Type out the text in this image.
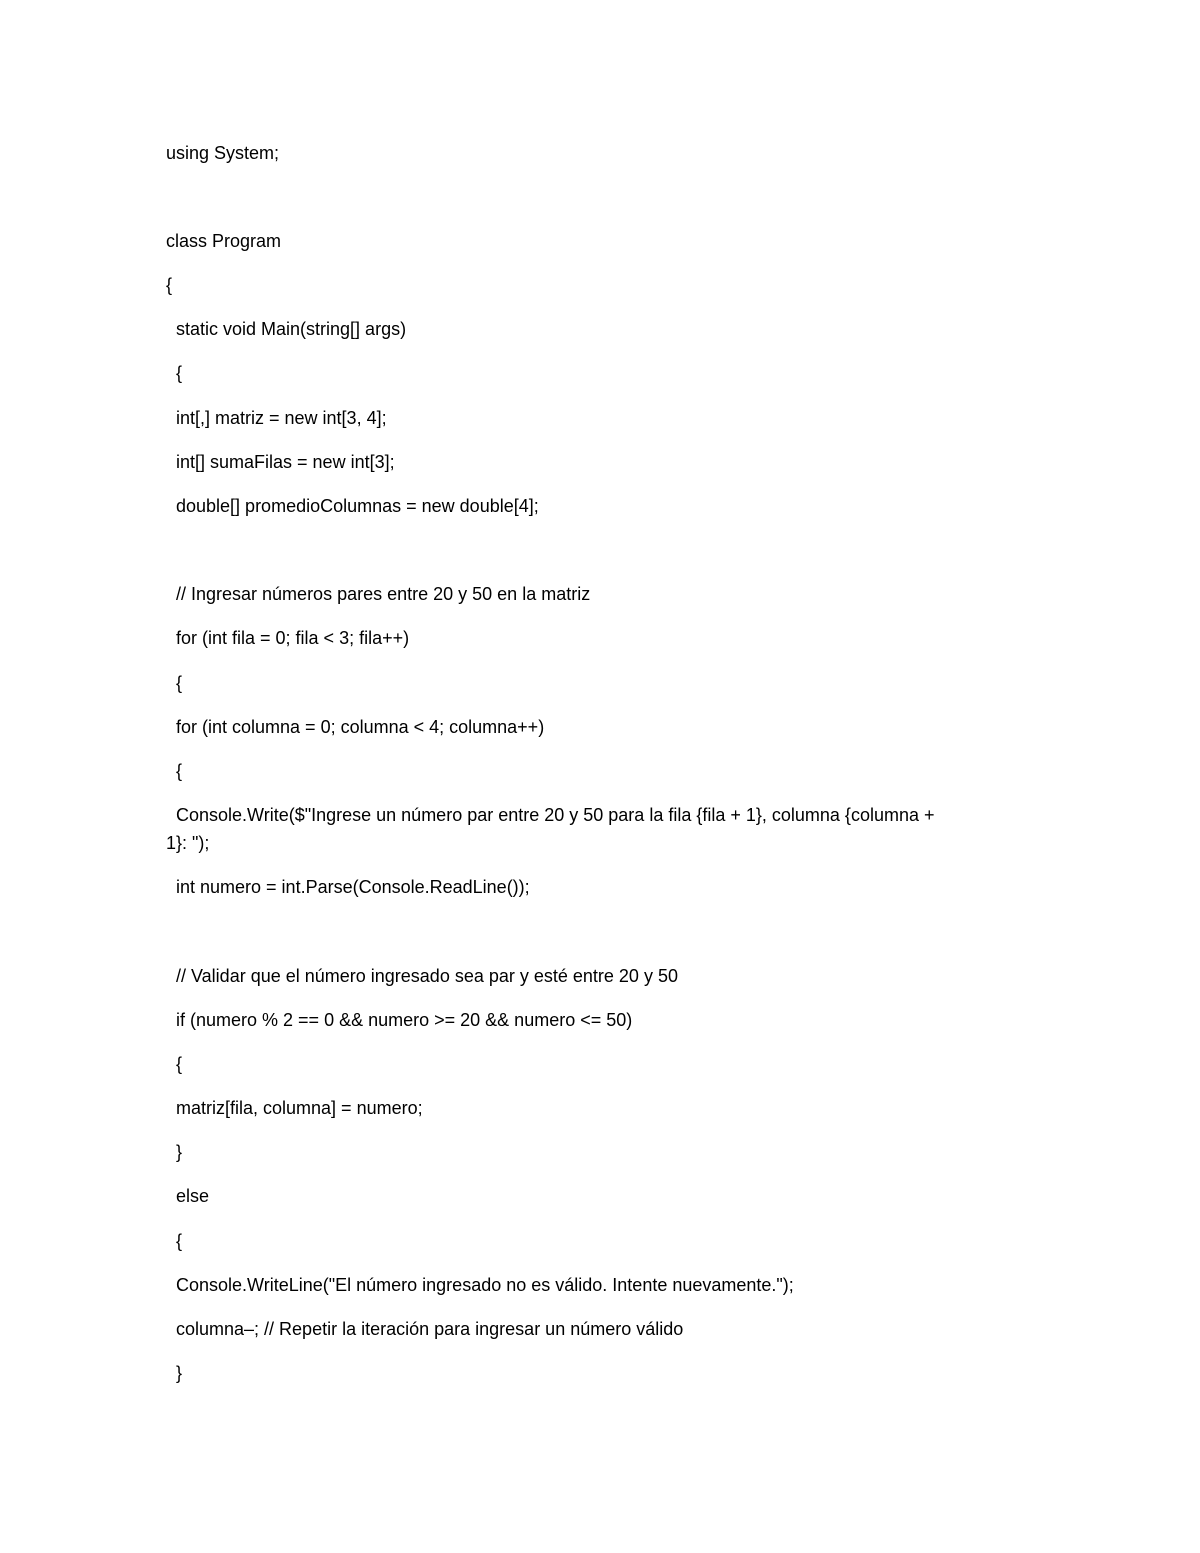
using System;
class Program
{
static void Main(string[] args)
{
int[,] matriz = new int[3, 4];
int[] sumaFilas = new int[3];
double[] promedioColumnas = new double[4];
// Ingresar números pares entre 20 y 50 en la matriz
for (int fila = 0; fila < 3; fila++)
{
for (int columna = 0; columna < 4; columna++)
{
Console.Write($"Ingrese un número par entre 20 y 50 para la fila {fila + 1}, columna {columna +
1}: ");
int numero = int.Parse(Console.ReadLine());
// Validar que el número ingresado sea par y esté entre 20 y 50
if (numero % 2 == 0 && numero >= 20 && numero <= 50)
{
matriz[fila, columna] = numero;
}
else
{
Console.WriteLine("El número ingresado no es válido. Intente nuevamente.");
columna–; // Repetir la iteración para ingresar un número válido
}
